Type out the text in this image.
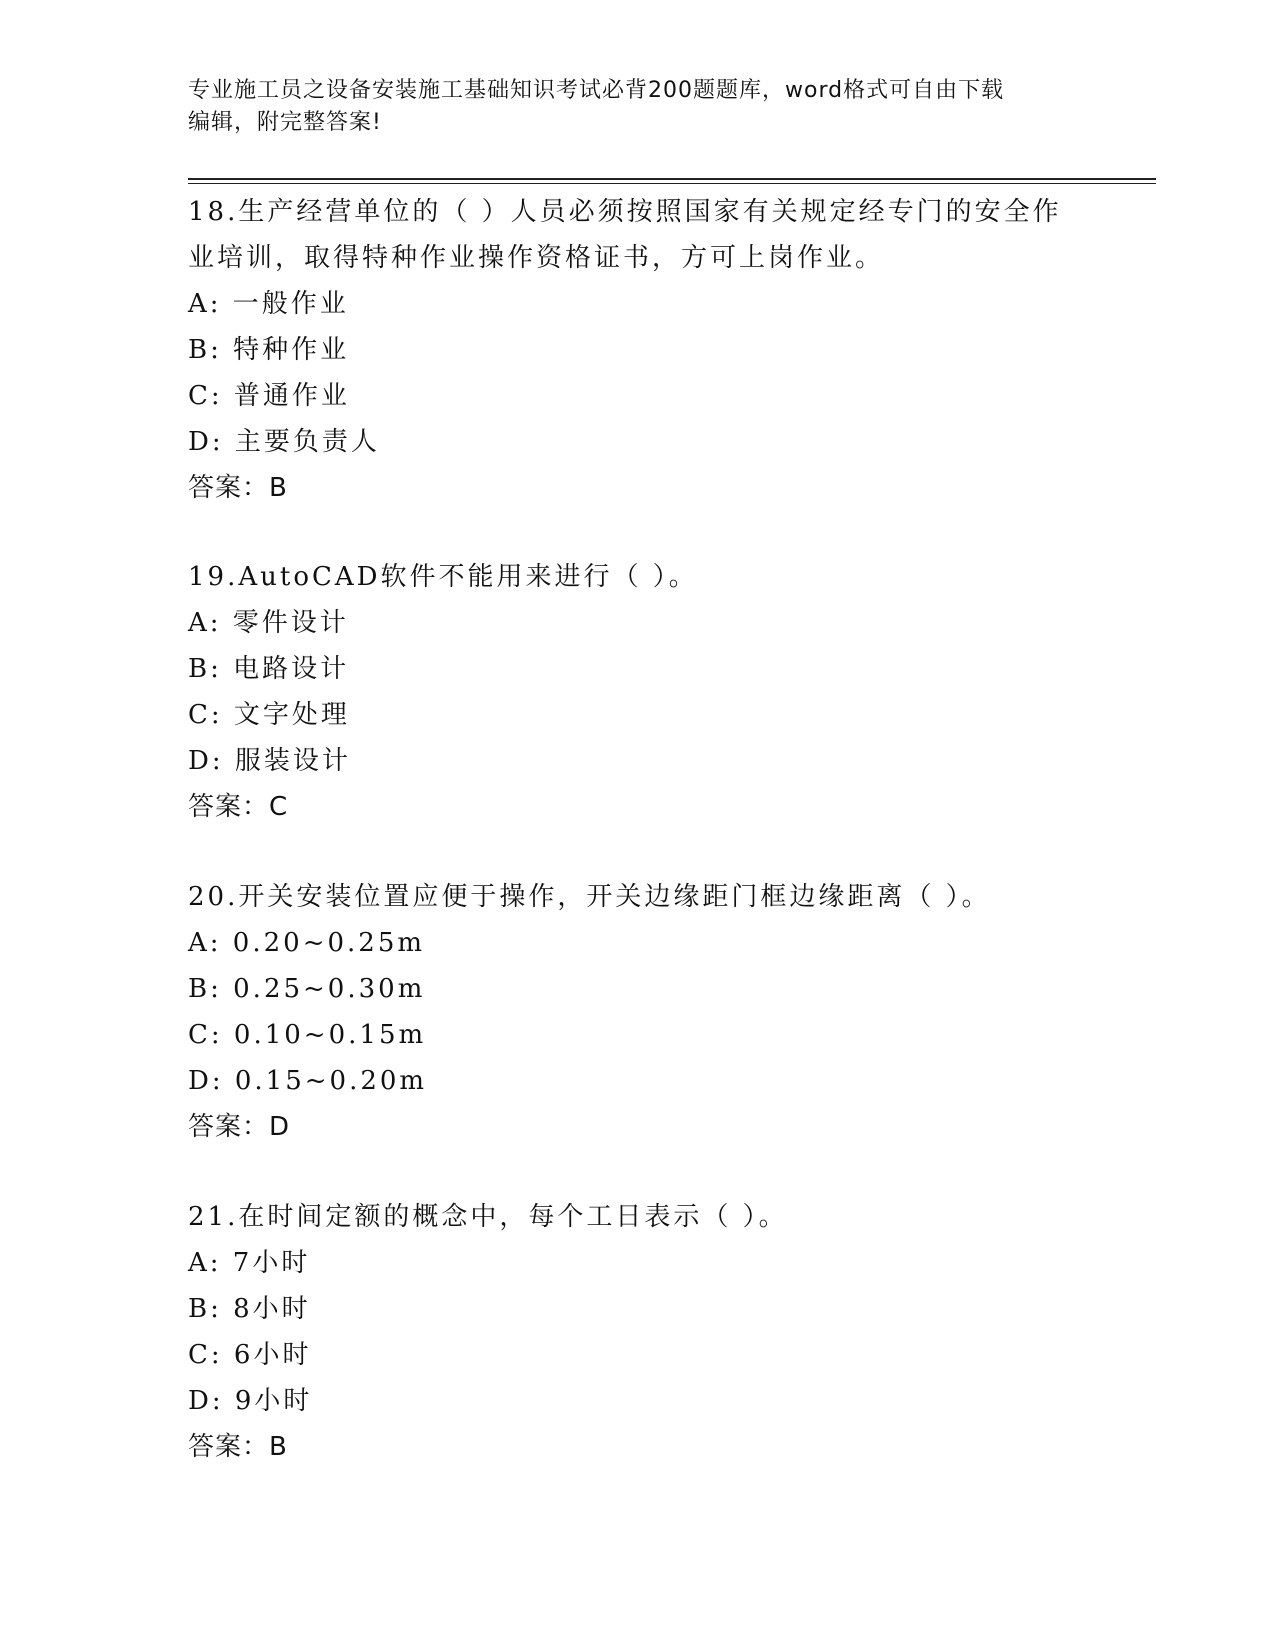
专业施工员之设备安装施工基础知识考试必背200题题库，word格式可自由下载
编辑，附完整答案!
18.生产经营单位的（ ）人员必须按照国家有关规定经专门的安全作
业培训，取得特种作业操作资格证书，方可上岗作业。
A: 一般作业
B: 特种作业
C: 普通作业
D: 主要负责人
答案：B
19.AutoCAD软件不能用来进行（ ）。
A: 零件设计
B: 电路设计
C: 文字处理
D: 服装设计
答案：C
20.开关安装位置应便于操作，开关边缘距门框边缘距离（ ）。
A: 0.20~0.25m
B: 0.25~0.30m
C: 0.10~0.15m
D: 0.15~0.20m
答案：D
21.在时间定额的概念中，每个工日表示（ ）。
A: 7小时
B: 8小时
C: 6小时
D: 9小时
答案：B
